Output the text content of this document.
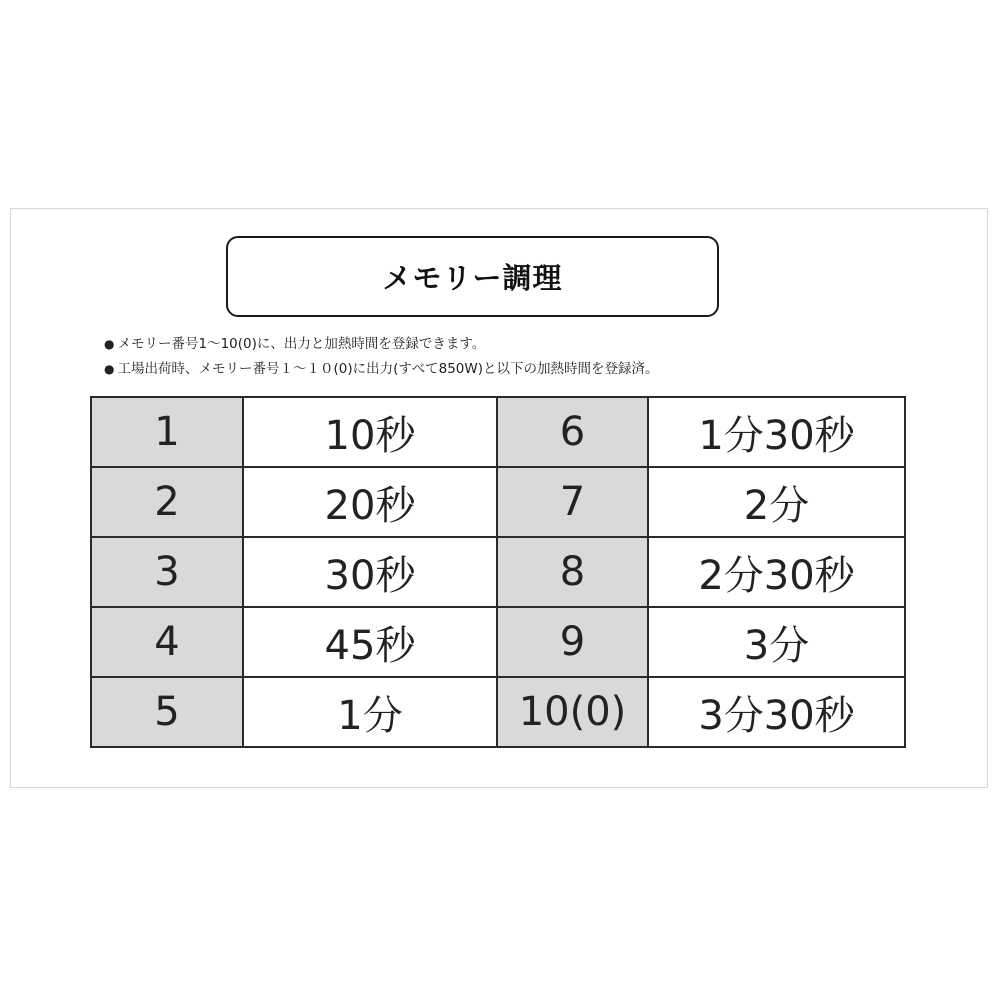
メモリー調理
● メモリー番号1～10(0)に、出力と加熱時間を登録できます。
● 工場出荷時、メモリー番号１～１０(0)に出力(すべて850W)と以下の加熱時間を登録済。
1	10秒	6	1分30秒
2	20秒	7	2分
3	30秒	8	2分30秒
4	45秒	9	3分
5	1分	10(0)	3分30秒
